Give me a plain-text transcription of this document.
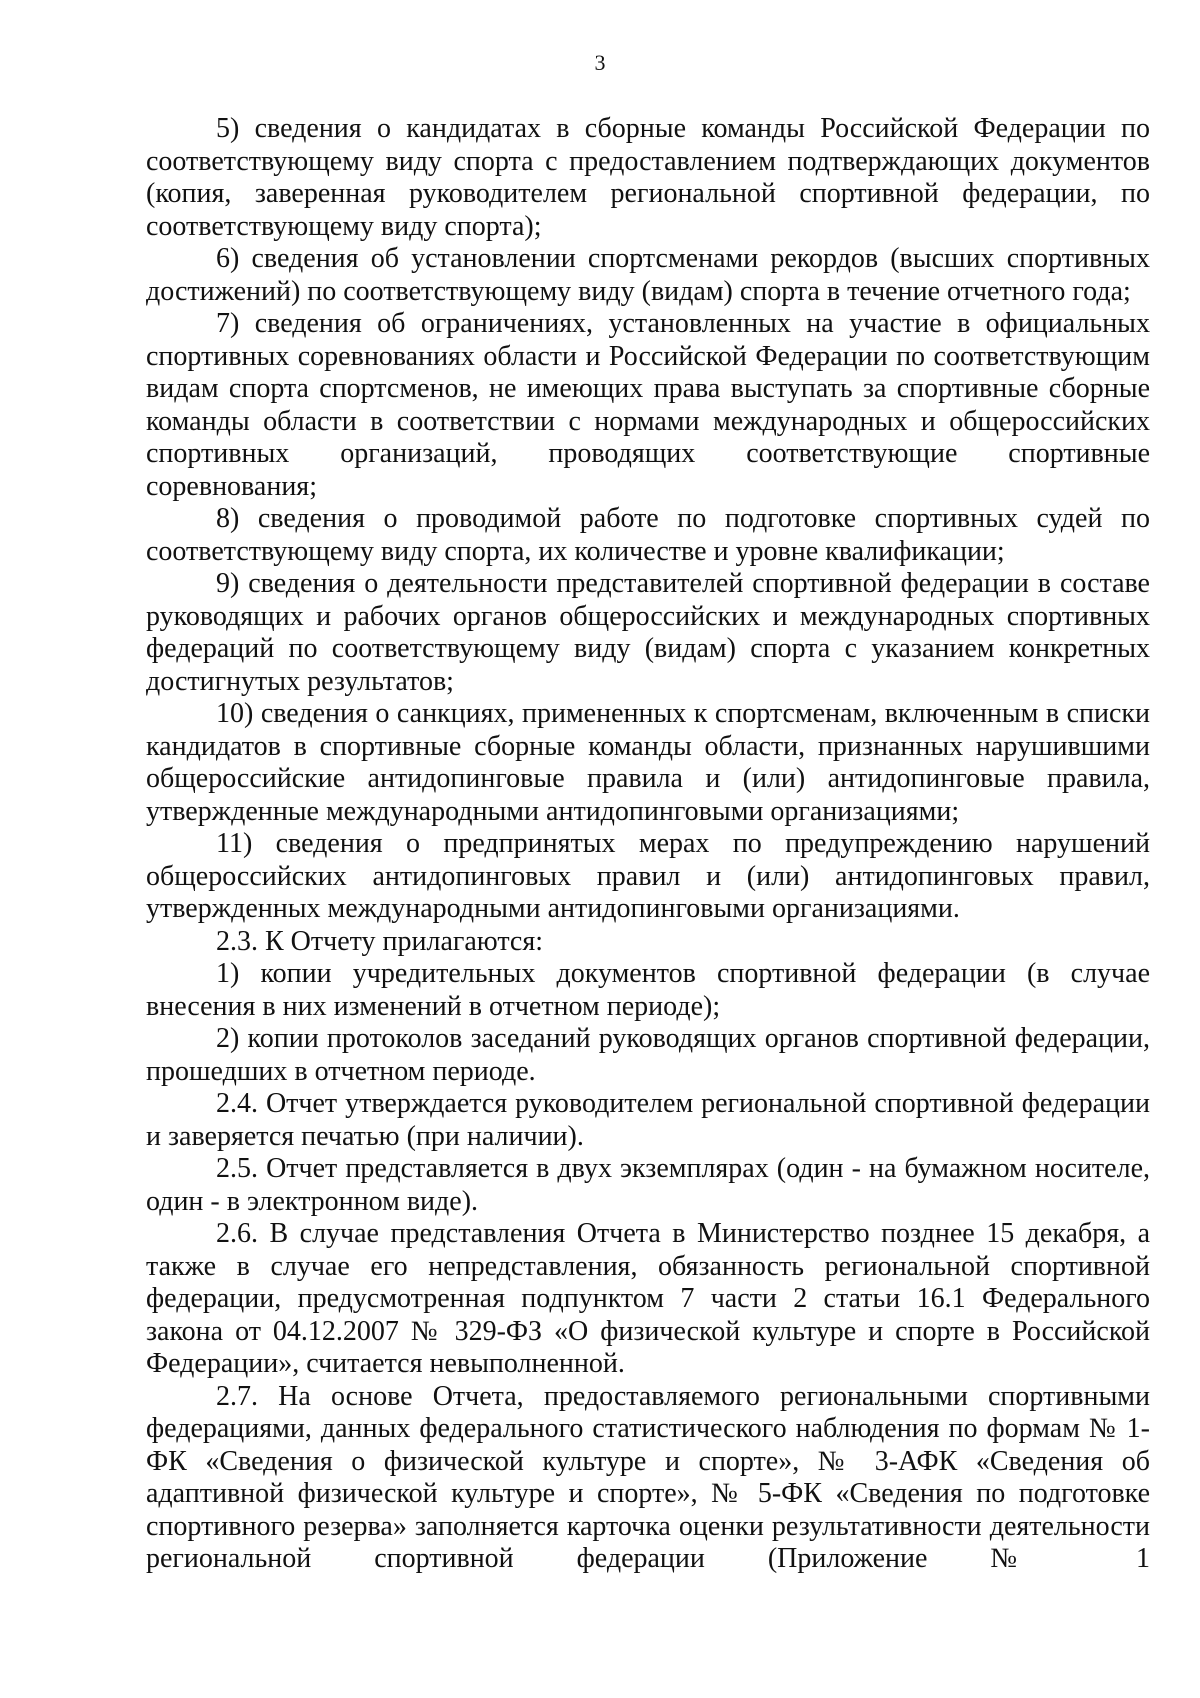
3

5) сведения о кандидатах в сборные команды Российской Федерации по соответствующему виду спорта с предоставлением подтверждающих документов (копия, заверенная руководителем региональной спортивной федерации, по соответствующему виду спорта);

6) сведения об установлении спортсменами рекордов (высших спортивных достижений) по соответствующему виду (видам) спорта в течение отчетного года;

7) сведения об ограничениях, установленных на участие в официальных спортивных соревнованиях области и Российской Федерации по соответствующим видам спорта спортсменов, не имеющих права выступать за спортивные сборные команды области в соответствии с нормами международных и общероссийских спортивных организаций, проводящих соответствующие спортивные соревнования;

8) сведения о проводимой работе по подготовке спортивных судей по соответствующему виду спорта, их количестве и уровне квалификации;

9) сведения о деятельности представителей спортивной федерации в составе руководящих и рабочих органов общероссийских и международных спортивных федераций по соответствующему виду (видам) спорта с указанием конкретных достигнутых результатов;

10) сведения о санкциях, примененных к спортсменам, включенным в списки кандидатов в спортивные сборные команды области, признанных нарушившими общероссийские антидопинговые правила и (или) антидопинговые правила, утвержденные международными антидопинговыми организациями;

11) сведения о предпринятых мерах по предупреждению нарушений общероссийских антидопинговых правил и (или) антидопинговых правил, утвержденных международными антидопинговыми организациями.

2.3. К Отчету прилагаются:

1) копии учредительных документов спортивной федерации (в случае внесения в них изменений в отчетном периоде);

2) копии протоколов заседаний руководящих органов спортивной федерации, прошедших в отчетном периоде.

2.4. Отчет утверждается руководителем региональной спортивной федерации и заверяется печатью (при наличии).

2.5. Отчет представляется в двух экземплярах (один - на бумажном носителе, один - в электронном виде).

2.6. В случае представления Отчета в Министерство позднее 15 декабря, а также в случае его непредставления, обязанность региональной спортивной федерации, предусмотренная подпунктом 7 части 2 статьи 16.1 Федерального закона от 04.12.2007 № 329-ФЗ «О физической культуре и спорте в Российской Федерации», считается невыполненной.

2.7. На основе Отчета, предоставляемого региональными спортивными федерациями, данных федерального статистического наблюдения по формам № 1-ФК «Сведения о физической культуре и спорте», № 3-АФК «Сведения об адаптивной физической культуре и спорте», № 5-ФК «Сведения по подготовке спортивного резерва» заполняется карточка оценки результативности деятельности региональной спортивной федерации (Приложение № 1
